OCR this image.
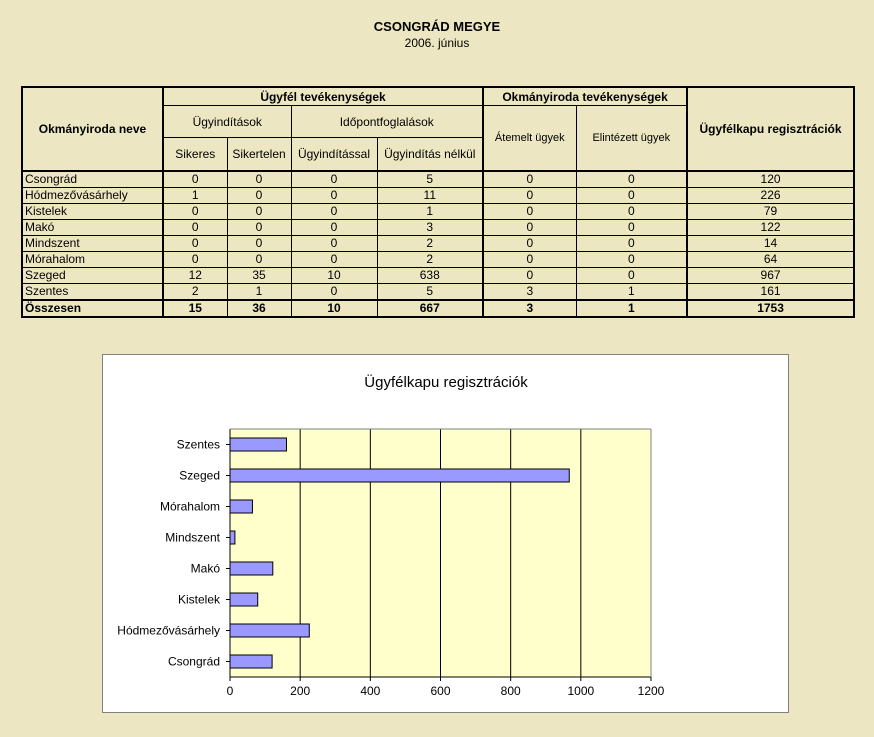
CSONGRÁD MEGYE
2006. június
Okmányiroda neve	Ügyfél tevékenységek				Okmányiroda tevékenységek		Ügyfélkapu regisztrációk
	Ügyindítások		Időpontfoglalások		Átemelt ügyek	Elintézett ügyek	
	Sikeres	Sikertelen	Ügyindítással	Ügyindítás nélkül			
Csongrád	0	0	0	5	0	0	120
Hódmezővásárhely	1	0	0	11	0	0	226
Kistelek	0	0	0	1	0	0	79
Makó	0	0	0	3	0	0	122
Mindszent	0	0	0	2	0	0	14
Mórahalom	0	0	0	2	0	0	64
Szeged	12	35	10	638	0	0	967
Szentes	2	1	0	5	3	1	161
Összesen	15	36	10	667	3	1	1753
Ügyfélkapu regisztrációk
0	200	400	600	800	1000	1200
Csongrád
Hódmezővásárhely
Kistelek
Makó
Mindszent
Mórahalom
Szeged
Szentes
